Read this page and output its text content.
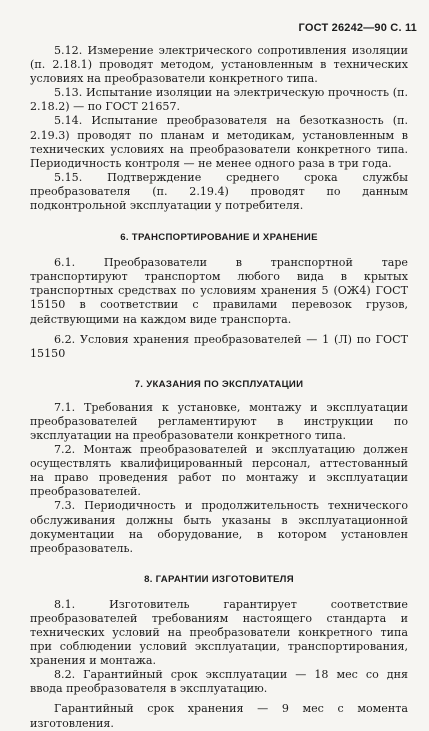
ГОСТ 26242—90 С. 11

5.12. Измерение электрического сопротивления изоляции (п. 2.18.1) проводят методом, установленным в технических условиях на преобразователи конкретного типа.

5.13. Испытание изоляции на электрическую прочность (п. 2.18.2) — по ГОСТ 21657.

5.14. Испытание преобразователя на безотказность (п. 2.19.3) проводят по планам и методикам, установленным в технических условиях на преобразователи конкретного типа. Периодичность контроля — не менее одного раза в три года.

5.15. Подтверждение среднего срока службы преобразователя (п. 2.19.4) проводят по данным подконтрольной эксплуатации у потребителя.

6. ТРАНСПОРТИРОВАНИЕ И ХРАНЕНИЕ

6.1. Преобразователи в транспортной таре транспортируют транспортом любого вида в крытых транспортных средствах по условиям хранения 5 (ОЖ4) ГОСТ 15150 в соответствии с правилами перевозок грузов, действующими на каждом виде транспорта.

6.2. Условия хранения преобразователей — 1 (Л) по ГОСТ 15150

7. УКАЗАНИЯ ПО ЭКСПЛУАТАЦИИ

7.1. Требования к установке, монтажу и эксплуатации преобразователей регламентируют в инструкции по эксплуатации на преобразователи конкретного типа.

7.2. Монтаж преобразователей и эксплуатацию должен осуществлять квалифицированный персонал, аттестованный на право проведения работ по монтажу и эксплуатации преобразователей.

7.3. Периодичность и продолжительность технического обслуживания должны быть указаны в эксплуатационной документации на оборудование, в котором установлен преобразователь.

8. ГАРАНТИИ ИЗГОТОВИТЕЛЯ

8.1. Изготовитель гарантирует соответствие преобразователей требованиям настоящего стандарта и технических условий на преобразователи конкретного типа при соблюдении условий эксплуатации, транспортирования, хранения и монтажа.

8.2. Гарантийный срок эксплуатации — 18 мес со дня ввода преобразователя в эксплуатацию.

Гарантийный срок хранения — 9 мес с момента изготовления.
